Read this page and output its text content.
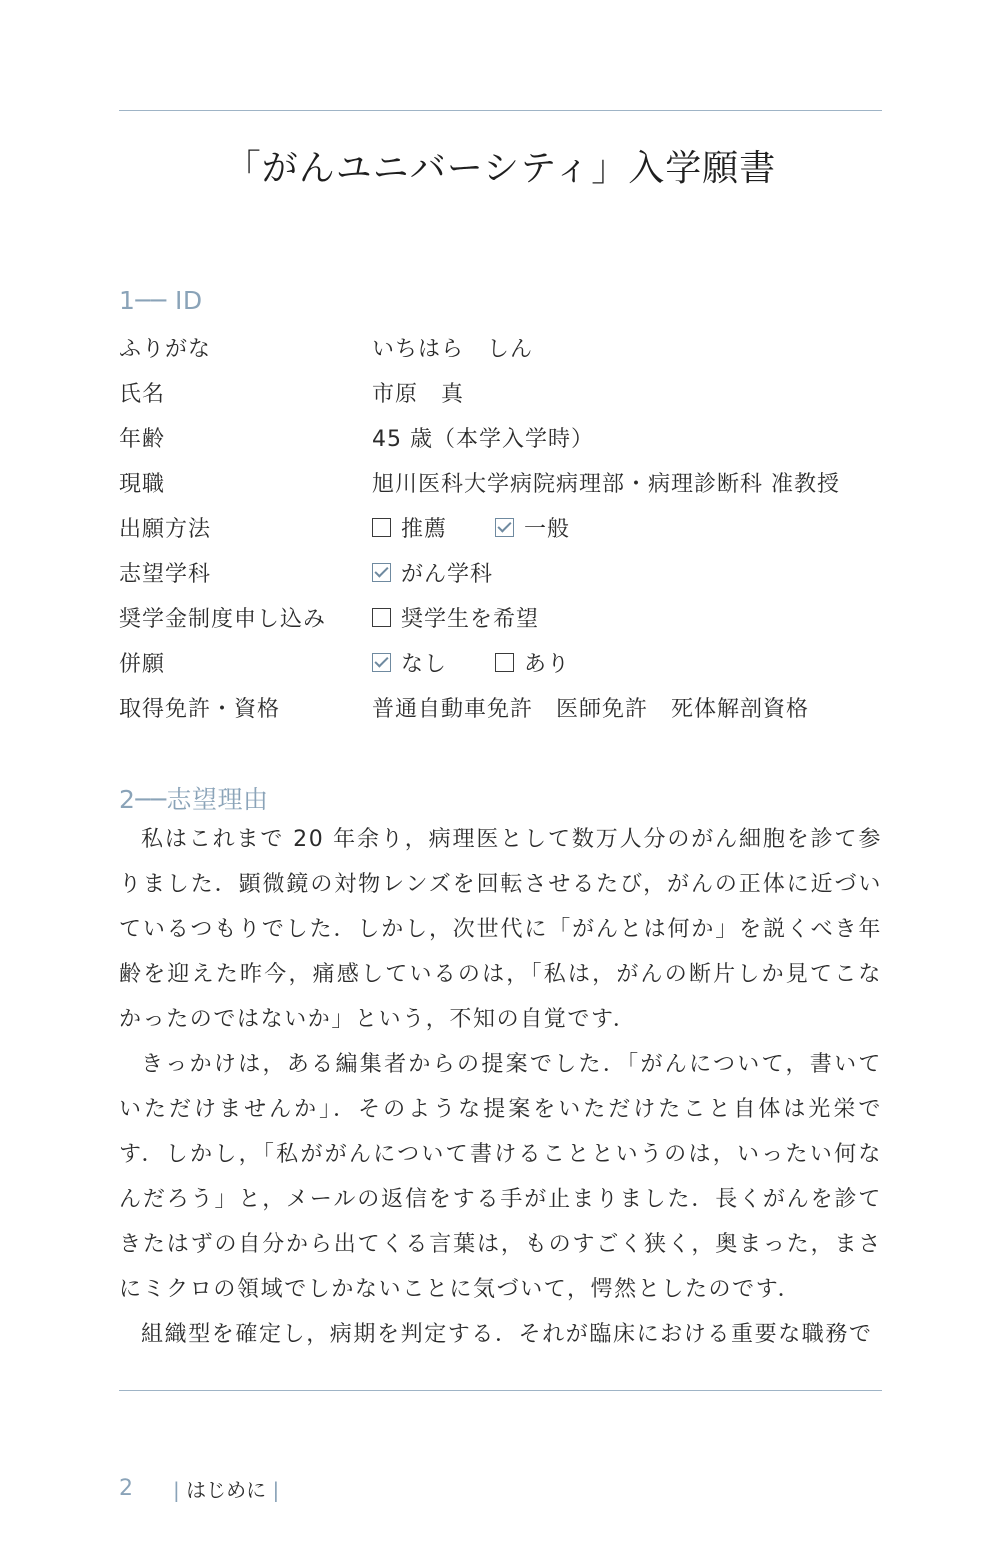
「がんユニバーシティ」入学願書
1── ID
ふりがな	いちはら　しん
氏名	市原　真
年齢	45 歳（本学入学時）
現職	旭川医科大学病院病理部・病理診断科 准教授
出願方法	推薦	一般
志望学科	がん学科
奨学金制度申し込み	奨学生を希望
併願	なし	あり
取得免許・資格	普通自動車免許　医師免許　死体解剖資格
2──志望理由

私はこれまで 20 年余り，病理医として数万人分のがん細胞を診て参りました．顕微鏡の対物レンズを回転させるたび，がんの正体に近づいているつもりでした．しかし，次世代に「がんとは何か」を説くべき年齢を迎えた昨今，痛感しているのは，「私は，がんの断片しか見てこなかったのではないか」という，不知の自覚です．

きっかけは，ある編集者からの提案でした．「がんについて，書いていただけませんか」．そのような提案をいただけたこと自体は光栄です．しかし，「私ががんについて書けることというのは，いったい何なんだろう」と，メールの返信をする手が止まりました．長くがんを診てきたはずの自分から出てくる言葉は，ものすごく狭く，奥まった，まさにミクロの領域でしかないことに気づいて，愕然としたのです．

組織型を確定し，病期を判定する．それが臨床における重要な職務で

2 | はじめに |
